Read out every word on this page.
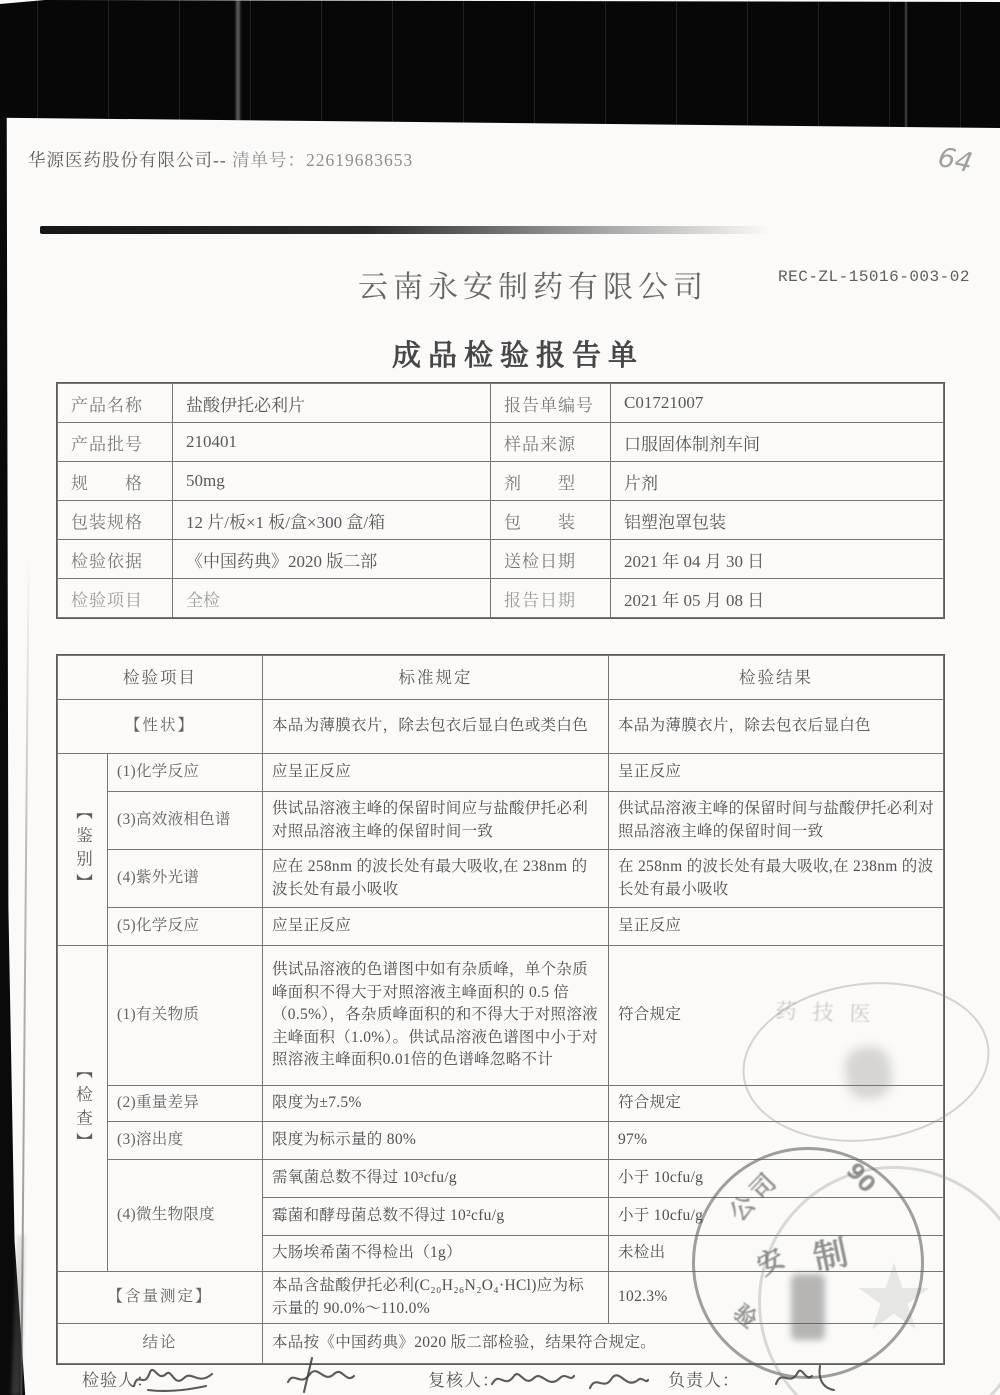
华源医药股份有限公司-- 清单号：22619683653	64
云南永安制药有限公司	REC-ZL-15016-003-02
成品检验报告单
产品名称	盐酸伊托必利片	报告单编号	C01721007
产品批号	210401	样品来源	口服固体制剂车间
规　　格	50mg	剂　　型	片剂
包装规格	12 片/板×1 板/盒×300 盒/箱	包　　装	铝塑泡罩包装
检验依据	《中国药典》2020 版二部	送检日期	2021 年 04 月 30 日
检验项目	全检	报告日期	2021 年 05 月 08 日
检验项目		标准规定	检验结果
【性状】		本品为薄膜衣片，除去包衣后显白色或类白色	本品为薄膜衣片，除去包衣后显白色

【鉴别】	(1)化学反应	应呈正反应	呈正反应
	(3)高效液相色谱	供试品溶液主峰的保留时间应与盐酸伊托必利对照品溶液主峰的保留时间一致	供试品溶液主峰的保留时间与盐酸伊托必利对照品溶液主峰的保留时间一致
	(4)紫外光谱	应在 258nm 的波长处有最大吸收,在 238nm 的波长处有最小吸收	在 258nm 的波长处有最大吸收,在 238nm 的波长处有最小吸收
	(5)化学反应	应呈正反应	呈正反应

【检查】	(1)有关物质	供试品溶液的色谱图中如有杂质峰，单个杂质峰面积不得大于对照溶液主峰面积的 0.5 倍（0.5%），各杂质峰面积的和不得大于对照溶液主峰面积（1.0%）。供试品溶液色谱图中小于对照溶液主峰面积0.01倍的色谱峰忽略不计	符合规定
	(2)重量差异	限度为±7.5%	符合规定
	(3)溶出度	限度为标示量的 80%	97%
	(4)微生物限度	需氧菌总数不得过 10³cfu/g	小于 10cfu/g
		霉菌和酵母菌总数不得过 10²cfu/g	小于 10cfu/g
		大肠埃希菌不得检出（1g）	未检出
【含量测定】		本品含盐酸伊托必利(C₂₀H₂₆N₂O₄·HCl)应为标示量的 90.0%～110.0%	102.3%
结论		本品按《中国药典》2020 版二部检验，结果符合规定。	
药技医
★
公司	90
制
安
验
检验人：	复核人：	负责人：
